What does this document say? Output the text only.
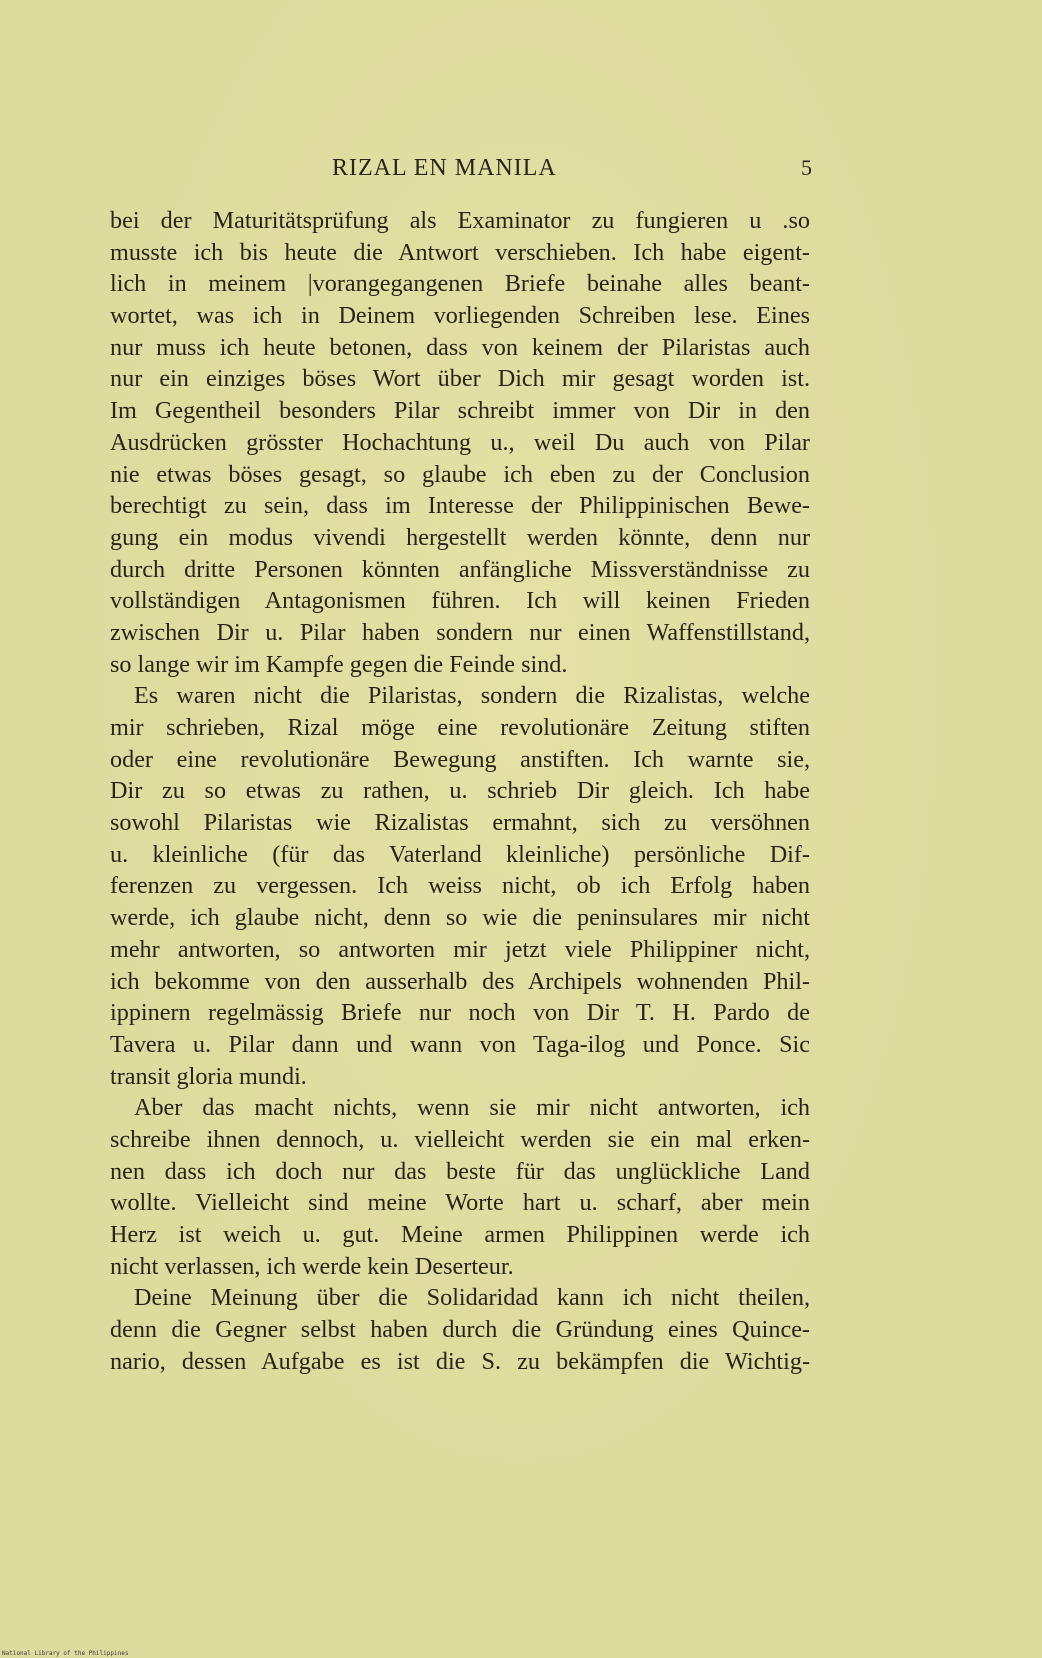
RIZAL EN MANILA	5
bei der Maturitätsprüfung als Examinator zu fungieren u .so
musste ich bis heute die Antwort verschieben. Ich habe eigent-
lich in meinem |vorangegangenen Briefe beinahe alles beant-
wortet, was ich in Deinem vorliegenden Schreiben lese. Eines
nur muss ich heute betonen, dass von keinem der Pilaristas auch
nur ein einziges böses Wort über Dich mir gesagt worden ist.
Im Gegentheil besonders Pilar schreibt immer von Dir in den
Ausdrücken grösster Hochachtung u., weil Du auch von Pilar
nie etwas böses gesagt, so glaube ich eben zu der Conclusion
berechtigt zu sein, dass im Interesse der Philippinischen Bewe-
gung ein modus vivendi hergestellt werden könnte, denn nur
durch dritte Personen könnten anfängliche Missverständnisse zu
vollständigen Antagonismen führen. Ich will keinen Frieden
zwischen Dir u. Pilar haben sondern nur einen Waffenstillstand,
so lange wir im Kampfe gegen die Feinde sind.
Es waren nicht die Pilaristas, sondern die Rizalistas, welche
mir schrieben, Rizal möge eine revolutionäre Zeitung stiften
oder eine revolutionäre Bewegung anstiften. Ich warnte sie,
Dir zu so etwas zu rathen, u. schrieb Dir gleich. Ich habe
sowohl Pilaristas wie Rizalistas ermahnt, sich zu versöhnen
u. kleinliche (für das Vaterland kleinliche) persönliche Dif-
ferenzen zu vergessen. Ich weiss nicht, ob ich Erfolg haben
werde, ich glaube nicht, denn so wie die peninsulares mir nicht
mehr antworten, so antworten mir jetzt viele Philippiner nicht,
ich bekomme von den ausserhalb des Archipels wohnenden Phil-
ippinern regelmässig Briefe nur noch von Dir T. H. Pardo de
Tavera u. Pilar dann und wann von Taga-ilog und Ponce. Sic
transit gloria mundi.
Aber das macht nichts, wenn sie mir nicht antworten, ich
schreibe ihnen dennoch, u. vielleicht werden sie ein mal erken-
nen dass ich doch nur das beste für das unglückliche Land
wollte. Vielleicht sind meine Worte hart u. scharf, aber mein
Herz ist weich u. gut. Meine armen Philippinen werde ich
nicht verlassen, ich werde kein Deserteur.
Deine Meinung über die Solidaridad kann ich nicht theilen,
denn die Gegner selbst haben durch die Gründung eines Quince-
nario, dessen Aufgabe es ist die S. zu bekämpfen die Wichtig-
National Library of the Philippines
